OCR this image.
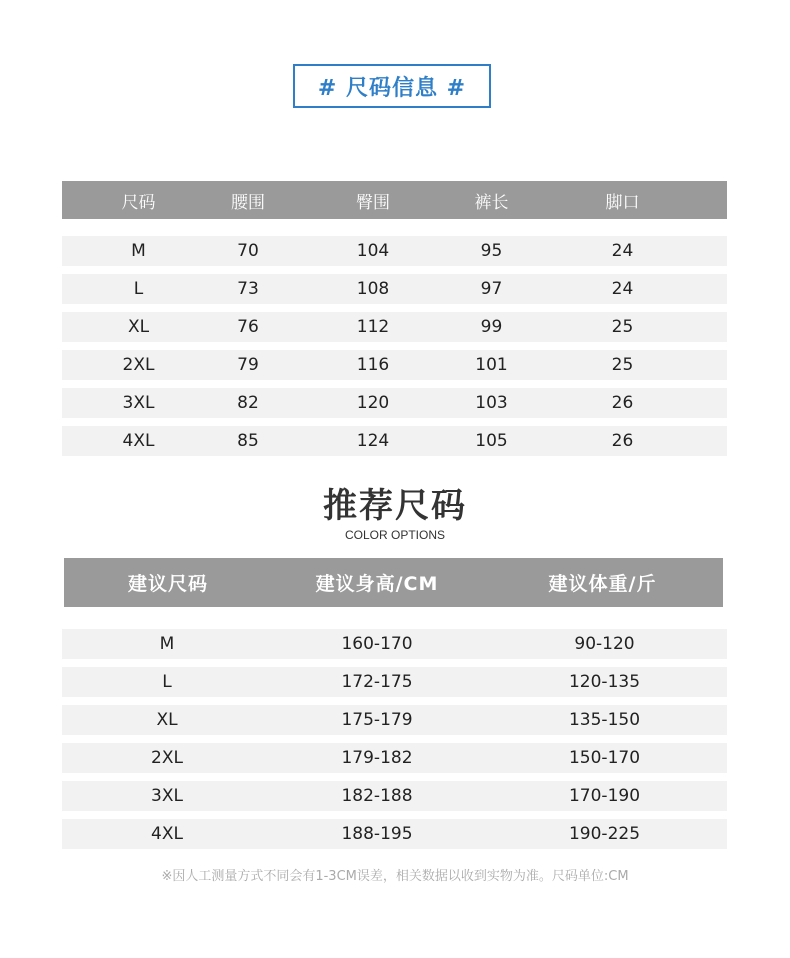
# 尺码信息 #
尺码	腰围	臀围	裤长	脚口
M	70	104	95	24
L	73	108	97	24
XL	76	112	99	25
2XL	79	116	101	25
3XL	82	120	103	26
4XL	85	124	105	26
推荐尺码
COLOR OPTIONS
建议尺码	建议身高/CM	建议体重/斤
M	160-170	90-120
L	172-175	120-135
XL	175-179	135-150
2XL	179-182	150-170
3XL	182-188	170-190
4XL	188-195	190-225
※因人工测量方式不同会有1-3CM误差，相关数据以收到实物为准。尺码单位:CM
